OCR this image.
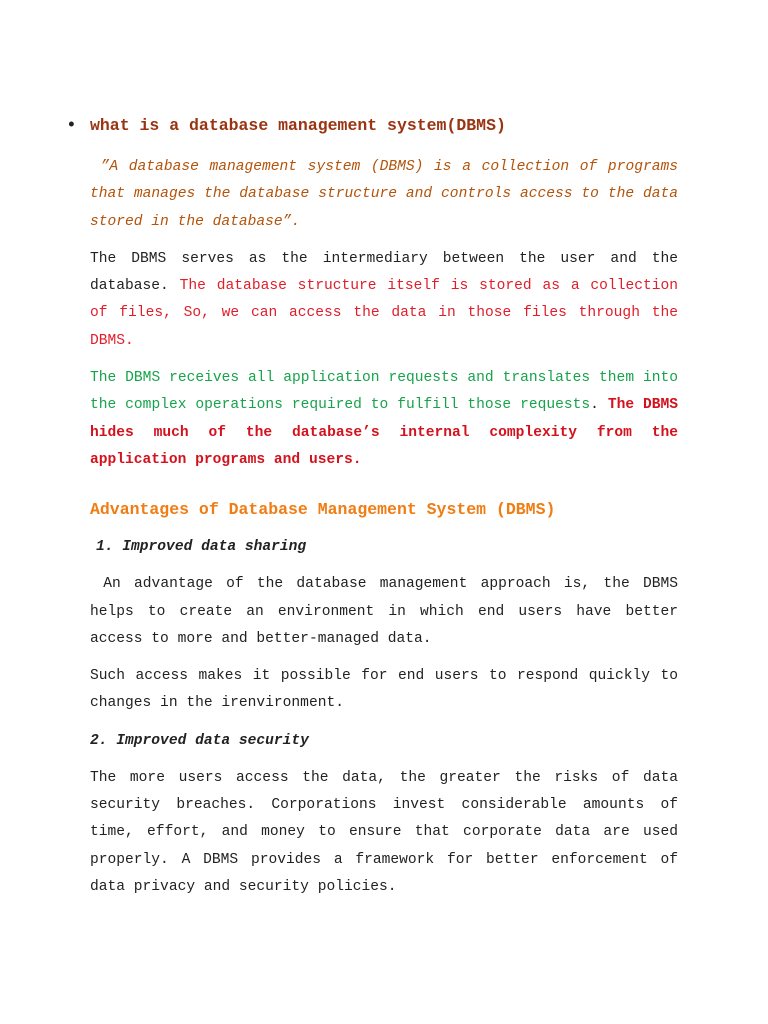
• what is a database management system(DBMS)

”A database management system (DBMS) is a collection of programs that manages the database structure and controls access to the data stored in the database”.

The DBMS serves as the intermediary between the user and the database. The database structure itself is stored as a collection of files, So, we can access the data in those files through the DBMS.

The DBMS receives all application requests and translates them into the complex operations required to fulfill those requests. The DBMS hides much of the database’s internal complexity from the application programs and users.

Advantages of Database Management System (DBMS)
1. Improved data sharing

An advantage of the database management approach is, the DBMS helps to create an environment in which end users have better access to more and better-managed data.

Such access makes it possible for end users to respond quickly to changes in the irenvironment.

2. Improved data security

The more users access the data, the greater the risks of data security breaches. Corporations invest considerable amounts of time, effort, and money to ensure that corporate data are used properly. A DBMS provides a framework for better enforcement of data privacy and security policies.
